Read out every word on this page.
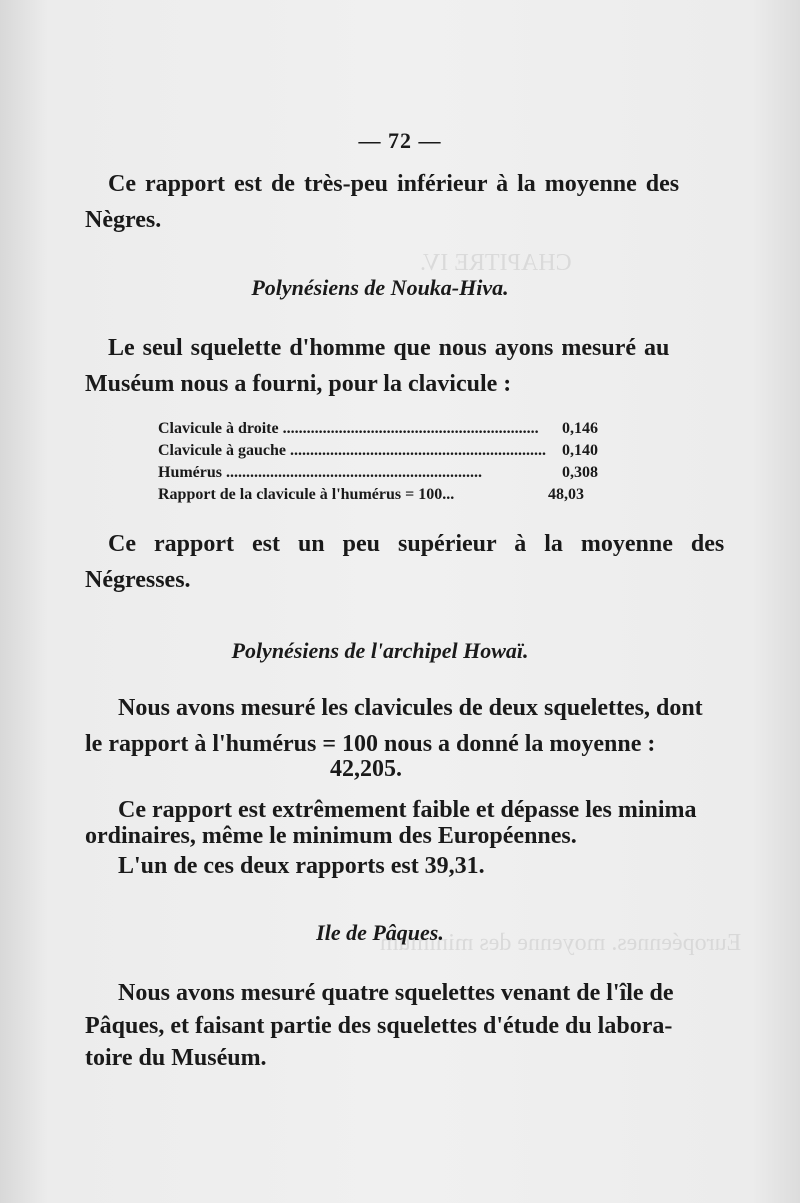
CHAPITRE IV.
Européennes. moyenne des minimum
— 72 —
Ce rapport est de très-peu inférieur à la moyenne des
Nègres.
Polynésiens de Nouka-Hiva.
Le seul squelette d'homme que nous ayons mesuré au
Muséum nous a fourni, pour la clavicule :
Clavicule à droite .....	0,146
Clavicule à gauche .....	0,140
Humérus .....	0,308
Rapport de la clavicule à l'humérus = 100...	48,03
Ce rapport est un peu supérieur à la moyenne des
Négresses.
Polynésiens de l'archipel Howaï.
Nous avons mesuré les clavicules de deux squelettes, dont
le rapport à l'humérus = 100 nous a donné la moyenne :
42,205.
Ce rapport est extrêmement faible et dépasse les minima
ordinaires, même le minimum des Européennes.
L'un de ces deux rapports est 39,31.
Ile de Pâques.
Nous avons mesuré quatre squelettes venant de l'île de
Pâques, et faisant partie des squelettes d'étude du labora-
toire du Muséum.
